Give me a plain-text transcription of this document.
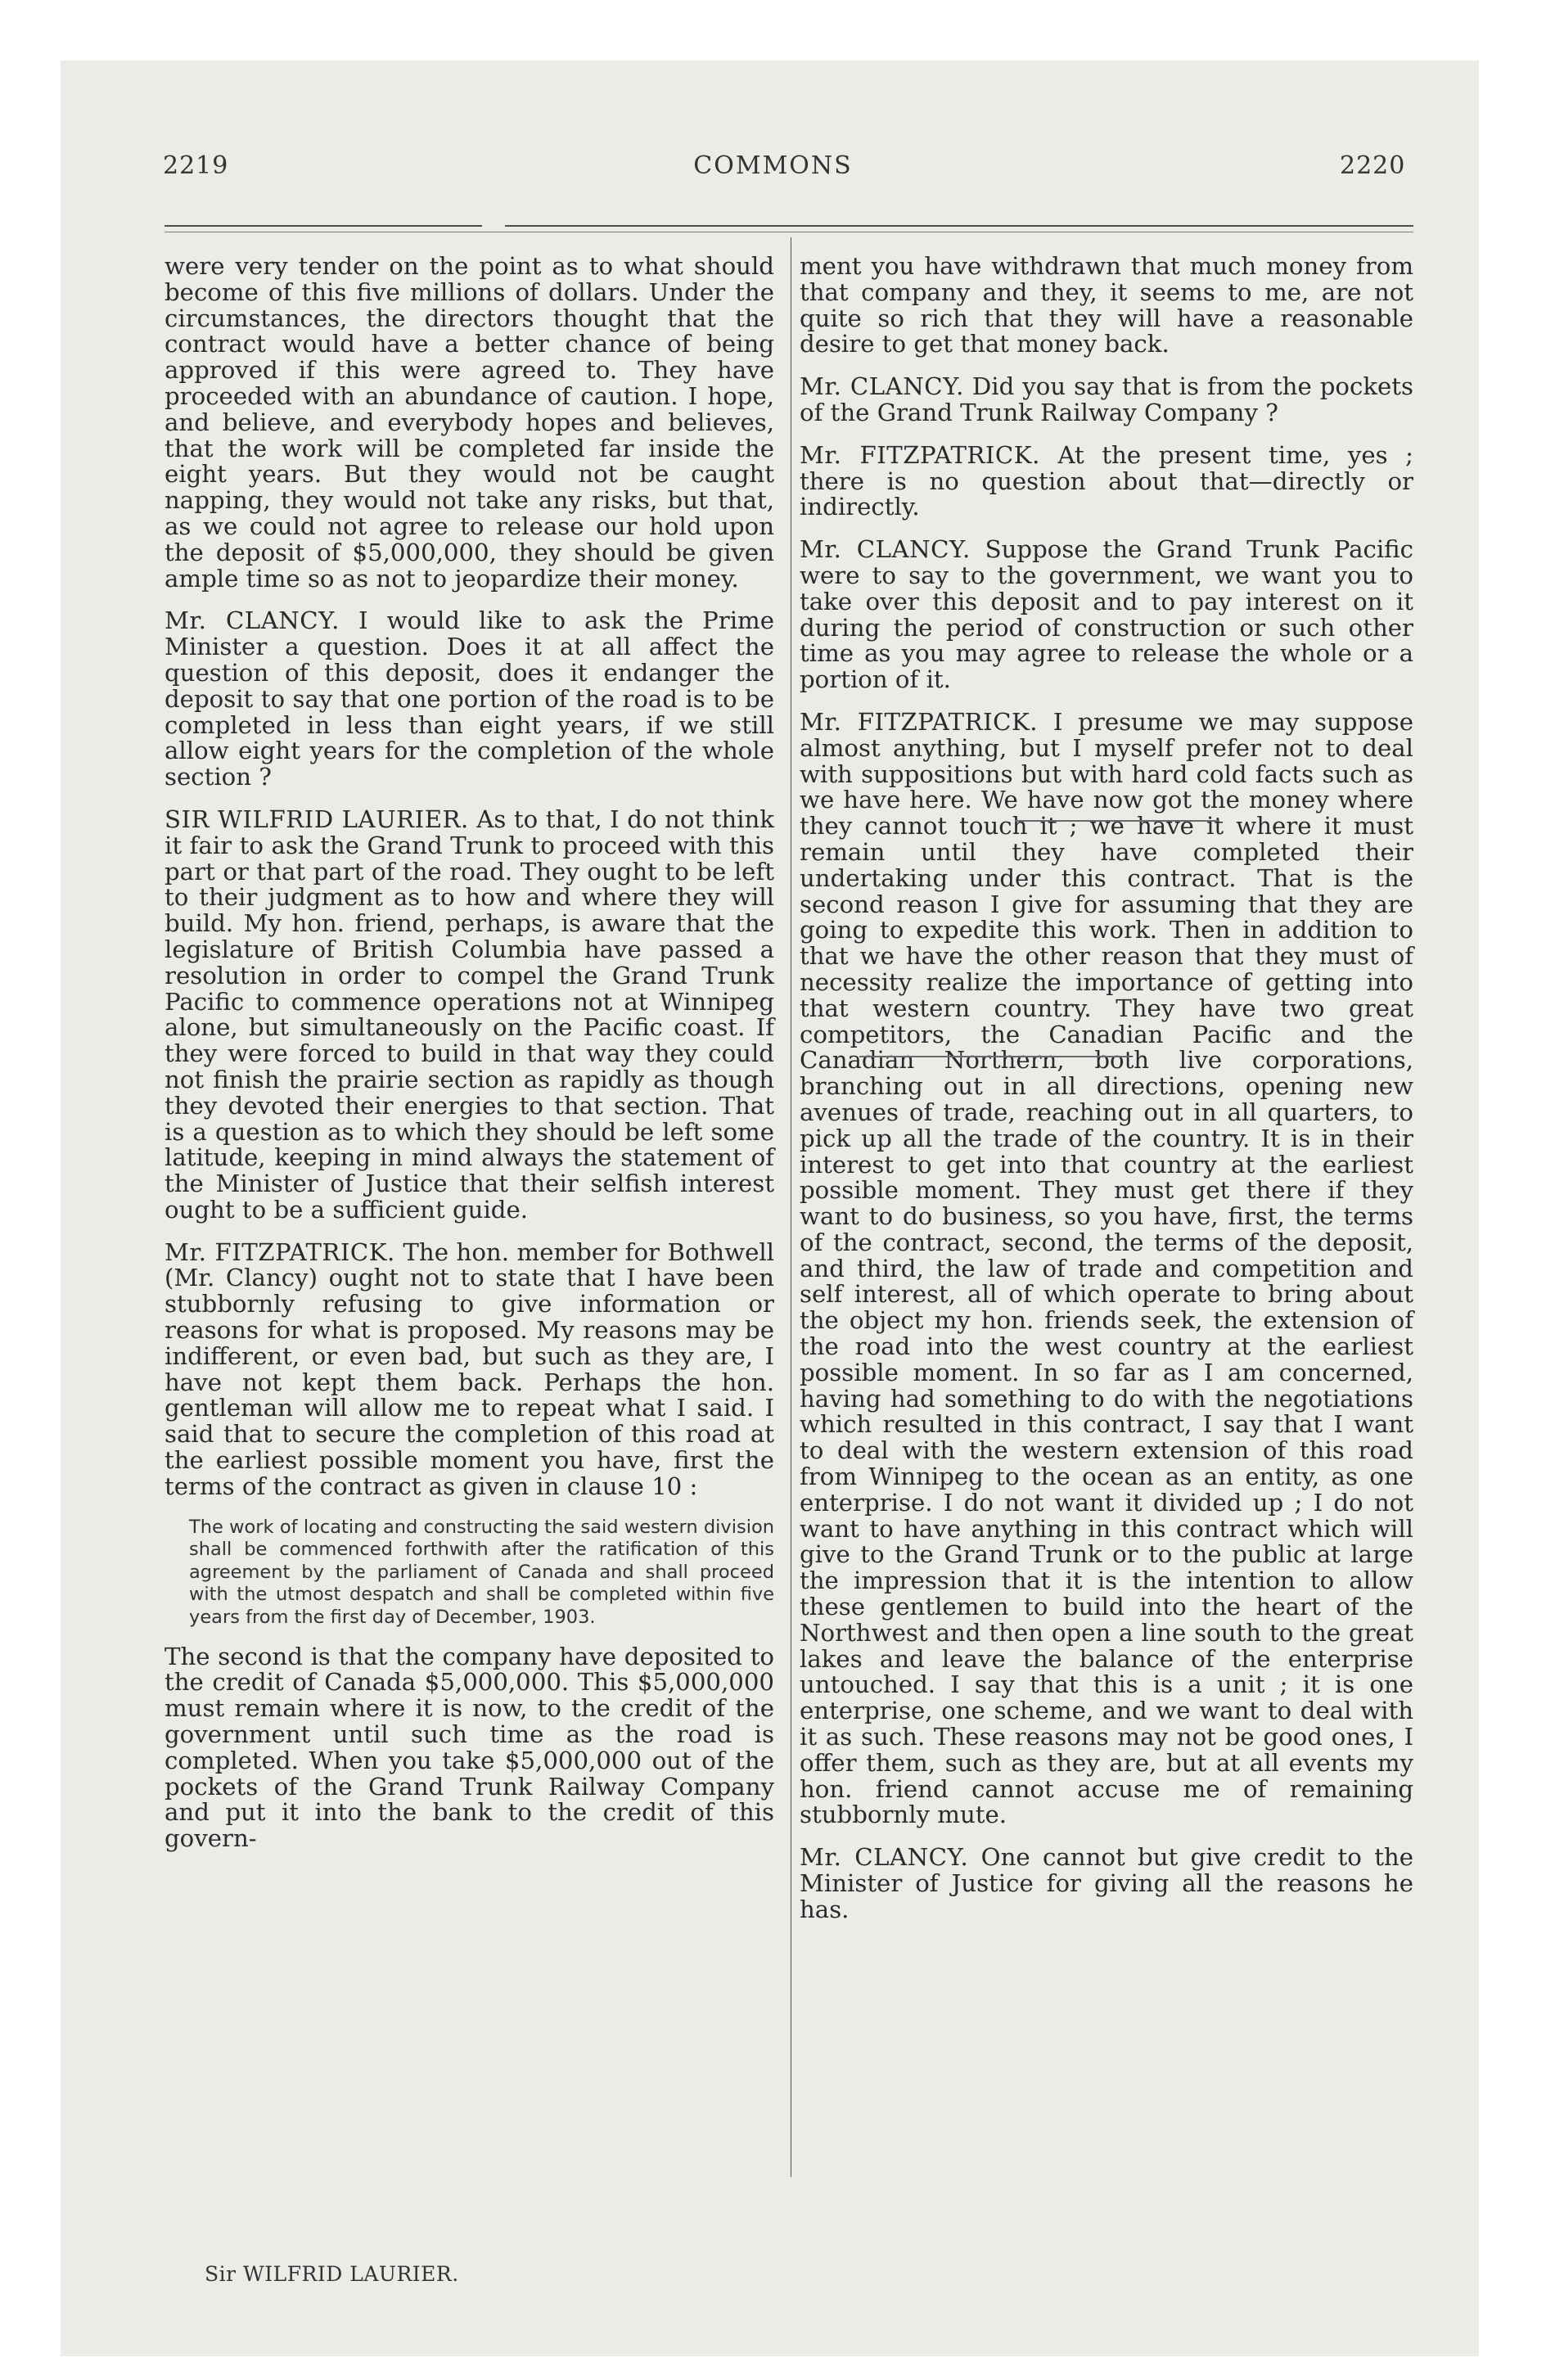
2219	COMMONS	2220

were very tender on the point as to what should become of this five millions of dollars. Under the circumstances, the directors thought that the contract would have a better chance of being approved if this were agreed to. They have proceeded with an abundance of caution. I hope, and believe, and everybody hopes and believes, that the work will be completed far inside the eight years. But they would not be caught napping, they would not take any risks, but that, as we could not agree to release our hold upon the deposit of $5,000,000, they should be given ample time so as not to jeopardize their money.

Mr. CLANCY. I would like to ask the Prime Minister a question. Does it at all affect the question of this deposit, does it endanger the deposit to say that one portion of the road is to be completed in less than eight years, if we still allow eight years for the completion of the whole section ?

SIR WILFRID LAURIER. As to that, I do not think it fair to ask the Grand Trunk to proceed with this part or that part of the road. They ought to be left to their judgment as to how and where they will build. My hon. friend, perhaps, is aware that the legislature of British Columbia have passed a resolution in order to compel the Grand Trunk Pacific to commence operations not at Winnipeg alone, but simultaneously on the Pacific coast. If they were forced to build in that way they could not finish the prairie section as rapidly as though they devoted their energies to that section. That is a question as to which they should be left some latitude, keeping in mind always the statement of the Minister of Justice that their selfish interest ought to be a sufficient guide.

Mr. FITZPATRICK. The hon. member for Bothwell (Mr. Clancy) ought not to state that I have been stubbornly refusing to give information or reasons for what is proposed. My reasons may be indifferent, or even bad, but such as they are, I have not kept them back. Perhaps the hon. gentleman will allow me to repeat what I said. I said that to secure the completion of this road at the earliest possible moment you have, first the terms of the contract as given in clause 10 :

The work of locating and constructing the said western division shall be commenced forthwith after the ratification of this agreement by the parliament of Canada and shall proceed with the utmost despatch and shall be completed within five years from the first day of December, 1903.

The second is that the company have deposited to the credit of Canada $5,000,000. This $5,000,000 must remain where it is now, to the credit of the government until such time as the road is completed. When you take $5,000,000 out of the pockets of the Grand Trunk Railway Company and put it into the bank to the credit of this govern-

ment you have withdrawn that much money from that company and they, it seems to me, are not quite so rich that they will have a reasonable desire to get that money back.

Mr. CLANCY. Did you say that is from the pockets of the Grand Trunk Railway Company ?

Mr. FITZPATRICK. At the present time, yes ; there is no question about that—directly or indirectly.

Mr. CLANCY. Suppose the Grand Trunk Pacific were to say to the government, we want you to take over this deposit and to pay interest on it during the period of construction or such other time as you may agree to release the whole or a portion of it.

Mr. FITZPATRICK. I presume we may suppose almost anything, but I myself prefer not to deal with suppositions but with hard cold facts such as we have here. We have now got the money where they cannot touch it ; we have it where it must remain until they have completed their undertaking under this contract. That is the second reason I give for assuming that they are going to expedite this work. Then in addition to that we have the other reason that they must of necessity realize the importance of getting into that western country. They have two great competitors, the Canadian Pacific and the Canadian Northern, both live corporations, branching out in all directions, opening new avenues of trade, reaching out in all quarters, to pick up all the trade of the country. It is in their interest to get into that country at the earliest possible moment. They must get there if they want to do business, so you have, first, the terms of the contract, second, the terms of the deposit, and third, the law of trade and competition and self interest, all of which operate to bring about the object my hon. friends seek, the extension of the road into the west country at the earliest possible moment. In so far as I am concerned, having had something to do with the negotiations which resulted in this contract, I say that I want to deal with the western extension of this road from Winnipeg to the ocean as an entity, as one enterprise. I do not want it divided up ; I do not want to have anything in this contract which will give to the Grand Trunk or to the public at large the impression that it is the intention to allow these gentlemen to build into the heart of the Northwest and then open a line south to the great lakes and leave the balance of the enterprise untouched. I say that this is a unit ; it is one enterprise, one scheme, and we want to deal with it as such. These reasons may not be good ones, I offer them, such as they are, but at all events my hon. friend cannot accuse me of remaining stubbornly mute.

Mr. CLANCY. One cannot but give credit to the Minister of Justice for giving all the reasons he has.

Sir WILFRID LAURIER.
